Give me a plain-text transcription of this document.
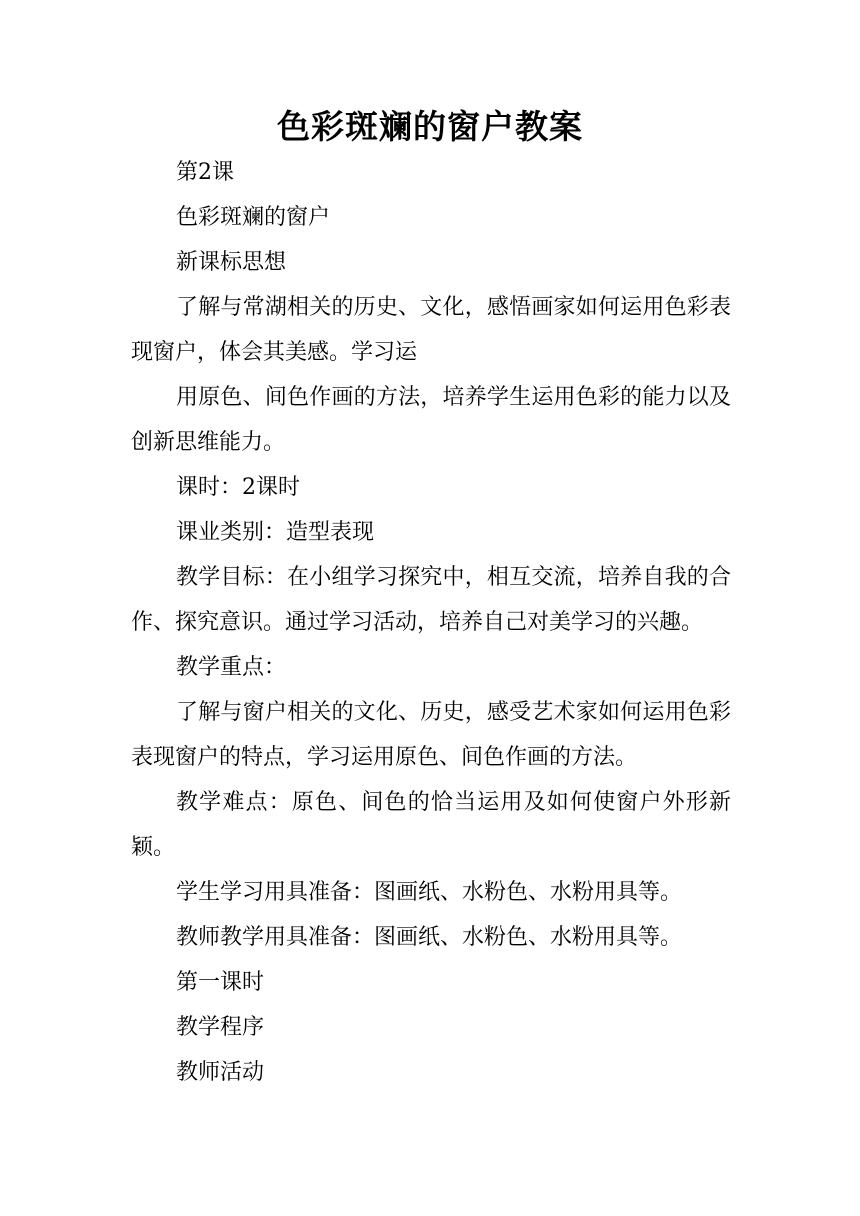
色彩斑斓的窗户教案

第2课

色彩斑斓的窗户

新课标思想

了解与常湖相关的历史、文化，感悟画家如何运用色彩表现窗户，体会其美感。学习运

用原色、间色作画的方法，培养学生运用色彩的能力以及创新思维能力。

课时：2课时

课业类别：造型表现

教学目标：在小组学习探究中，相互交流，培养自我的合作、探究意识。通过学习活动，培养自己对美学习的兴趣。

教学重点：

了解与窗户相关的文化、历史，感受艺术家如何运用色彩表现窗户的特点，学习运用原色、间色作画的方法。

教学难点：原色、间色的恰当运用及如何使窗户外形新颖。

学生学习用具准备：图画纸、水粉色、水粉用具等。

教师教学用具准备：图画纸、水粉色、水粉用具等。

第一课时

教学程序

教师活动
